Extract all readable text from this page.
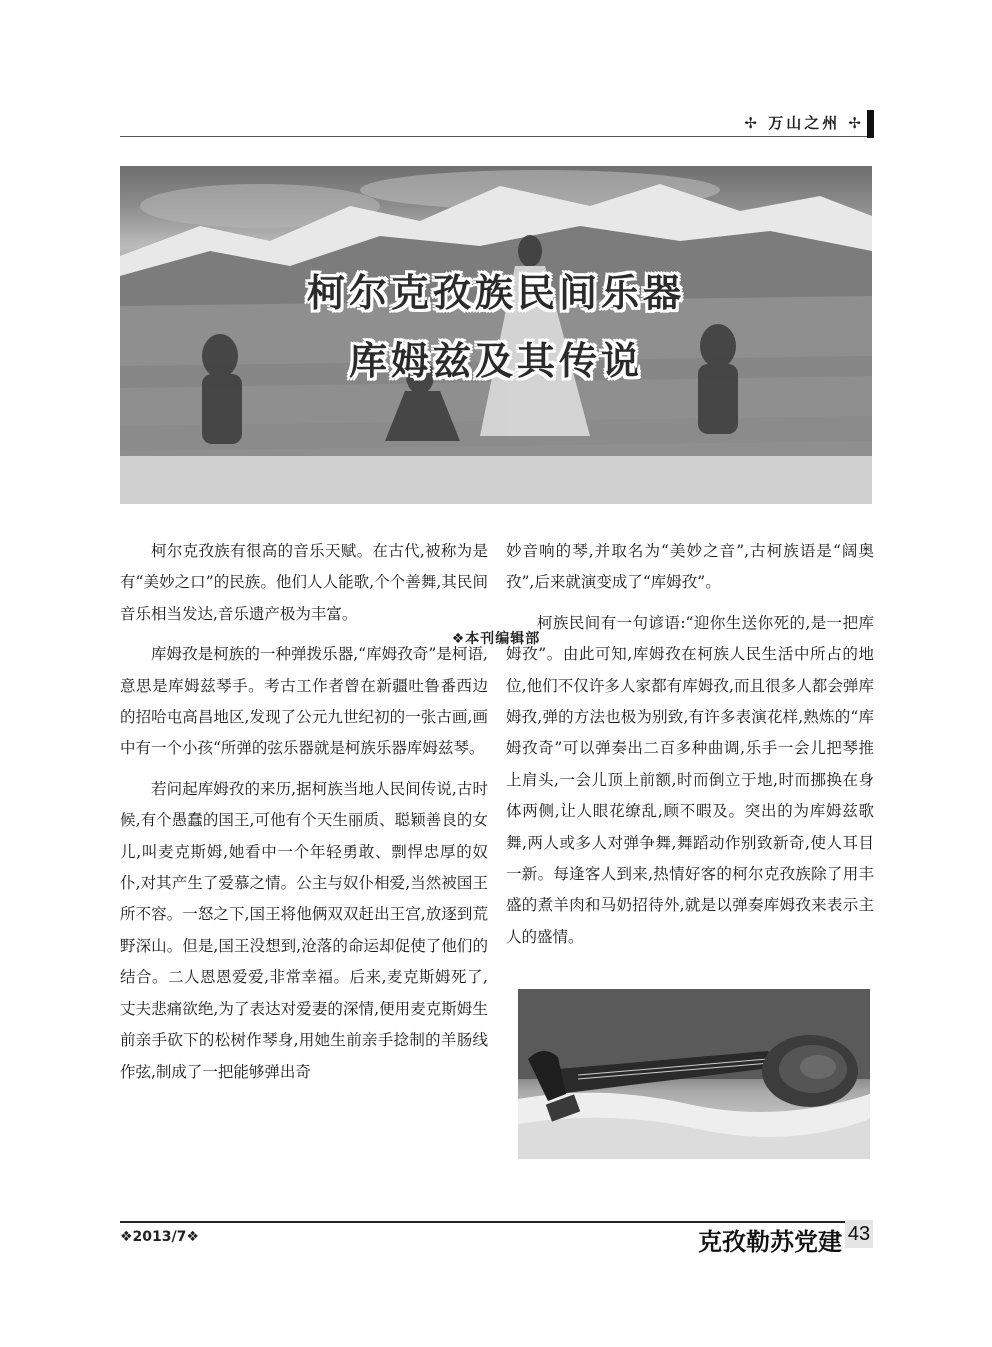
✢ 万山之州 ✢
❖本刊编辑部
柯尔克孜族民间乐器
库姆兹及其传说

柯尔克孜族有很高的音乐天赋。在古代,被称为是有“美妙之口”的民族。他们人人能歌,个个善舞,其民间音乐相当发达,音乐遗产极为丰富。

库姆孜是柯族的一种弹拨乐器,“库姆孜奇”是柯语,意思是库姆兹琴手。考古工作者曾在新疆吐鲁番西边的招哈屯高昌地区,发现了公元九世纪初的一张古画,画中有一个小孩“所弹的弦乐器就是柯族乐器库姆兹琴。

若问起库姆孜的来历,据柯族当地人民间传说,古时候,有个愚蠢的国王,可他有个天生丽质、聪颖善良的女儿,叫麦克斯姆,她看中一个年轻勇敢、剽悍忠厚的奴仆,对其产生了爱慕之情。公主与奴仆相爱,当然被国王所不容。一怒之下,国王将他俩双双赶出王宫,放逐到荒野深山。但是,国王没想到,沧落的命运却促使了他们的结合。二人恩恩爱爱,非常幸福。后来,麦克斯姆死了,丈夫悲痛欲绝,为了表达对爱妻的深情,便用麦克斯姆生前亲手砍下的松树作琴身,用她生前亲手捻制的羊肠线作弦,制成了一把能够弹出奇

妙音响的琴,并取名为“美妙之音”,古柯族语是“阔奥孜”,后来就演变成了“库姆孜”。

柯族民间有一句谚语:“迎你生送你死的,是一把库姆孜”。由此可知,库姆孜在柯族人民生活中所占的地位,他们不仅许多人家都有库姆孜,而且很多人都会弹库姆孜,弹的方法也极为别致,有许多表演花样,熟炼的“库姆孜奇”可以弹奏出二百多种曲调,乐手一会儿把琴推上肩头,一会儿顶上前额,时而倒立于地,时而挪换在身体两侧,让人眼花缭乱,顾不暇及。突出的为库姆兹歌舞,两人或多人对弹争舞,舞蹈动作别致新奇,使人耳目一新。每逢客人到来,热情好客的柯尔克孜族除了用丰盛的煮羊肉和马奶招待外,就是以弹奏库姆孜来表示主人的盛情。

❖2013/7❖	克孜勒苏党建 43
